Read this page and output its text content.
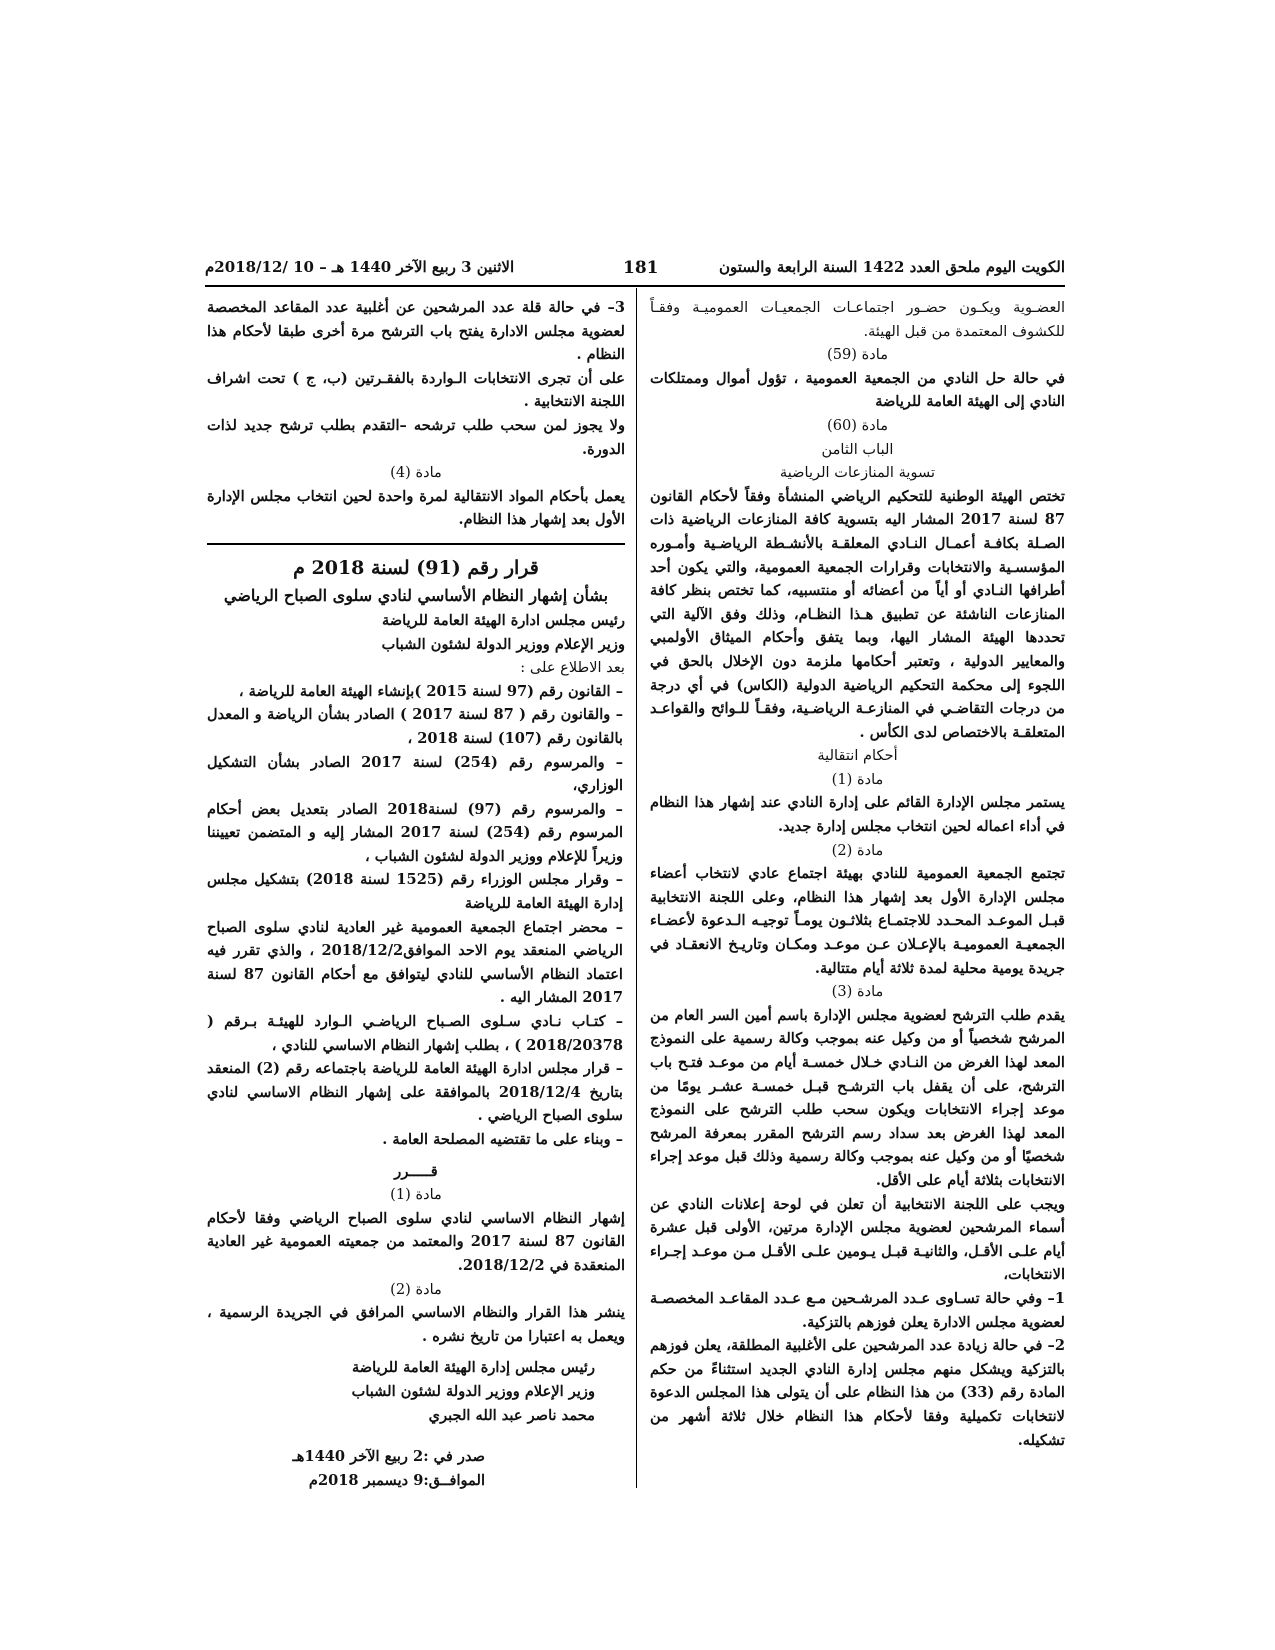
الكويت اليوم ملحق العدد 1422 السنة الرابعة والستون
181
الاثنين 3 ربيع الآخر 1440 هـ – 10 /2018/12م

العضـوية ويكـون حضـور اجتماعـات الجمعيـات العموميـة وفقـاً للكشوف المعتمدة من قبل الهيئة.

مادة (59)

في حالة حل النادي من الجمعية العمومية ، تؤول أموال وممتلكات النادي إلى الهيئة العامة للرياضة

مادة (60)

الباب الثامن

تسوية المنازعات الرياضية

تختص الهيئة الوطنية للتحكيم الرياضي المنشأة وفقاً لأحكام القانون 87 لسنة 2017 المشار اليه بتسوية كافة المنازعات الرياضية ذات الصـلة بكافـة أعمـال النـادي المعلقـة بالأنشـطة الرياضـية وأمـوره المؤسسـية والانتخابات وقرارات الجمعية العمومية، والتي يكون أحد أطرافها النـادي أو أياً من أعضائه أو منتسبيه، كما تختص بنظر كافة المنازعات الناشئة عن تطبيق هـذا النظـام، وذلك وفق الآلية التي تحددها الهيئة المشار اليها، وبما يتفق وأحكام الميثاق الأولمبي والمعايير الدولية ، وتعتبر أحكامها ملزمة دون الإخلال بالحق في اللجوء إلى محكمة التحكيم الرياضية الدولية (الكاس) في أي درجة من درجات التقاضـي في المنازعـة الرياضـية، وفقـاً للـوائح والقواعـد المتعلقـة بالاختصاص لدى الكأس .

أحكام انتقالية

مادة (1)

يستمر مجلس الإدارة القائم على إدارة النادي عند إشهار هذا النظام في أداء اعماله لحين انتخاب مجلس إدارة جديد.

مادة (2)

تجتمع الجمعية العمومية للنادي بهيئة اجتماع عادي لانتخاب أعضاء مجلس الإدارة الأول بعد إشهار هذا النظام، وعلى اللجنة الانتخابية قبـل الموعـد المحـدد للاجتمـاع بثلاثـون يومـاً توجيـه الـدعوة لأعضـاء الجمعيـة العموميـة بالإعـلان عـن موعـد ومكـان وتاريـخ الانعقـاد في جريدة يومية محلية لمدة ثلاثة أيام متتالية.

مادة (3)

يقدم طلب الترشح لعضوية مجلس الإدارة باسم أمين السر العام من المرشح شخصياً أو من وكيل عنه بموجب وكالة رسمية على النموذج المعد لهذا الغرض من النـادي خـلال خمسـة أيام من موعـد فتـح باب الترشح، على أن يقفل باب الترشـح قبـل خمسـة عشـر يومًا من موعد إجراء الانتخابات ويكون سحب طلب الترشح على النموذج المعد لهذا الغرض بعد سداد رسم الترشح المقرر بمعرفة المرشح شخصيًا أو من وكيل عنه بموجب وكالة رسمية وذلك قبل موعد إجراء الانتخابات بثلاثة أيام على الأقل.

ويجب على اللجنة الانتخابية أن تعلن في لوحة إعلانات النادي عن أسماء المرشحين لعضوية مجلس الإدارة مرتين، الأولى قبل عشرة أيام علـى الأقـل، والثانيـة قبـل يـومين علـى الأقـل مـن موعـد إجـراء الانتخابات،

1– وفي حالة تسـاوى عـدد المرشـحين مـع عـدد المقاعـد المخصصـة لعضوية مجلس الادارة يعلن فوزهم بالتزكية.

2– في حالة زيادة عدد المرشحين على الأغلبية المطلقة، يعلن فوزهم بالتزكية ويشكل منهم مجلس إدارة النادي الجديد استثناءً من حكم المادة رقم (33) من هذا النظام على أن يتولى هذا المجلس الدعوة لانتخابات تكميلية وفقا لأحكام هذا النظام خلال ثلاثة أشهر من تشكيله.

3– في حالة قلة عدد المرشحين عن أغلبية عدد المقاعد المخصصة لعضوية مجلس الادارة يفتح باب الترشح مرة أخرى طبقا لأحكام هذا النظام .

على أن تجرى الانتخابات الـواردة بالفقـرتين (ب، ج ) تحت اشراف اللجنة الانتخابية .

ولا يجوز لمن سحب طلب ترشحه –التقدم بطلب ترشح جديد لذات الدورة.

مادة (4)

يعمل بأحكام المواد الانتقالية لمرة واحدة لحين انتخاب مجلس الإدارة الأول بعد إشهار هذا النظام.

قرار رقم (91) لسنة 2018 م

بشأن إشهار النظام الأساسي لنادي سلوى الصباح الرياضي

رئيس مجلس ادارة الهيئة العامة للرياضة

وزير الإعلام ووزير الدولة لشئون الشباب

بعد الاطلاع على :

– القانون رقم (97 لسنة 2015 )بإنشاء الهيئة العامة للرياضة ،

– والقانون رقم ( 87 لسنة 2017 ) الصادر بشأن الرياضة و المعدل بالقانون رقم (107) لسنة 2018 ،

– والمرسوم رقم (254) لسنة 2017 الصادر بشأن التشكيل الوزاري،

– والمرسوم رقم (97) لسنة2018 الصادر بتعديل بعض أحكام المرسوم رقم (254) لسنة 2017 المشار إليه و المتضمن تعييننا وزيراً للإعلام ووزير الدولة لشئون الشباب ،

– وقرار مجلس الوزراء رقم (1525 لسنة 2018) بتشكيل مجلس إدارة الهيئة العامة للرياضة

– محضر اجتماع الجمعية العمومية غير العادية لنادي سلوى الصباح الرياضي المنعقد يوم الاحد الموافق2018/12/2 ، والذي تقرر فيه اعتماد النظام الأساسي للنادي ليتوافق مع أحكام القانون 87 لسنة 2017 المشار اليه .

– كتـاب نـادي سـلوى الصـباح الرياضـي الـوارد للهيئـة بـرقم ( 2018/20378 ) ، بطلب إشهار النظام الاساسي للنادي ،

– قرار مجلس ادارة الهيئة العامة للرياضة باجتماعه رقم (2) المنعقد بتاريخ 2018/12/4 بالموافقة على إشهار النظام الاساسي لنادي سلوى الصباح الرياضي .

– وبناء على ما تقتضيه المصلحة العامة .

قـــــرر

مادة (1)

إشهار النظام الاساسي لنادي سلوى الصباح الرياضي وفقا لأحكام القانون 87 لسنة 2017 والمعتمد من جمعيته العمومية غير العادية المنعقدة في 2018/12/2.

مادة (2)

ينشر هذا القرار والنظام الاساسي المرافق في الجريدة الرسمية ، ويعمل به اعتبارا من تاريخ نشره .

رئيس مجلس إدارة الهيئة العامة للرياضة

وزير الإعلام ووزير الدولة لشئون الشباب

محمد ناصر عبد الله الجبري

صدر في :2 ربيع الآخر 1440هـ

الموافــق:9 ديسمبر 2018م
